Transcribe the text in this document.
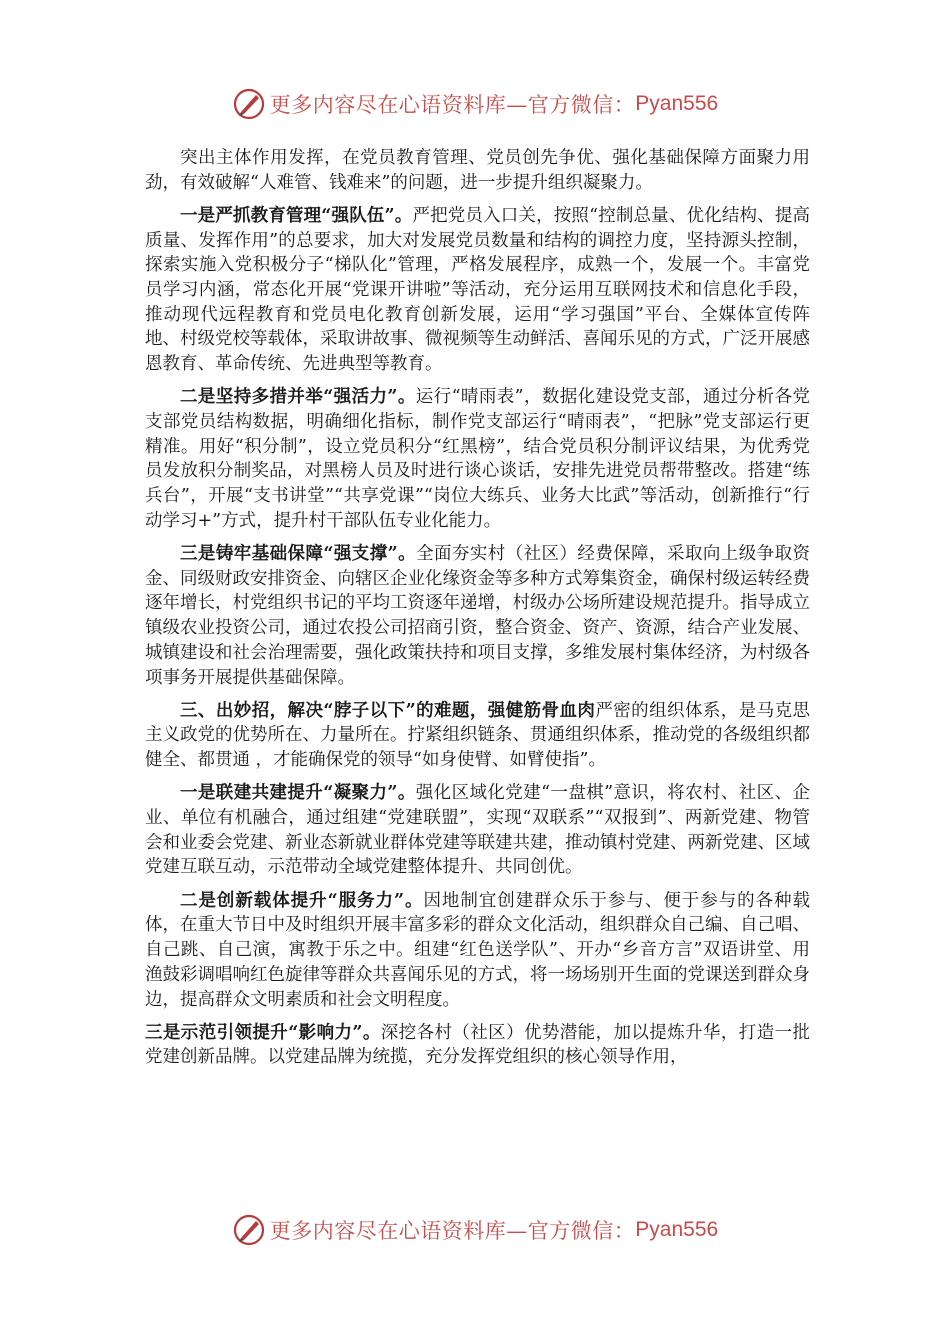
更多内容尽在心语资料库—官方微信： Pyan556

突出主体作用发挥，在党员教育管理、党员创先争优、强化基础保障方面聚力用劲，有效破解“人难管、钱难来”的问题，进一步提升组织凝聚力。

一是严抓教育管理“强队伍”。严把党员入口关，按照“控制总量、优化结构、提高质量、发挥作用”的总要求，加大对发展党员数量和结构的调控力度，坚持源头控制，探索实施入党积极分子“梯队化”管理，严格发展程序，成熟一个，发展一个。丰富党员学习内涵，常态化开展“党课开讲啦”等活动，充分运用互联网技术和信息化手段，推动现代远程教育和党员电化教育创新发展，运用“学习强国”平台、全媒体宣传阵地、村级党校等载体，采取讲故事、微视频等生动鲜活、喜闻乐见的方式，广泛开展感恩教育、革命传统、先进典型等教育。

二是坚持多措并举“强活力”。运行“晴雨表”，数据化建设党支部，通过分析各党支部党员结构数据，明确细化指标，制作党支部运行“晴雨表”，“把脉”党支部运行更精准。用好“积分制”，设立党员积分“红黑榜”，结合党员积分制评议结果，为优秀党员发放积分制奖品，对黑榜人员及时进行谈心谈话，安排先进党员帮带整改。搭建“练兵台”，开展“支书讲堂”“共享党课”“岗位大练兵、业务大比武”等活动，创新推行“行动学习+”方式，提升村干部队伍专业化能力。

三是铸牢基础保障“强支撑”。全面夯实村（社区）经费保障，采取向上级争取资金、同级财政安排资金、向辖区企业化缘资金等多种方式筹集资金，确保村级运转经费逐年增长，村党组织书记的平均工资逐年递增，村级办公场所建设规范提升。指导成立镇级农业投资公司，通过农投公司招商引资，整合资金、资产、资源，结合产业发展、城镇建设和社会治理需要，强化政策扶持和项目支撑，多维发展村集体经济，为村级各项事务开展提供基础保障。

三、出妙招，解决“脖子以下”的难题，强健筋骨血肉严密的组织体系，是马克思主义政党的优势所在、力量所在。拧紧组织链条、贯通组织体系，推动党的各级组织都健全、都贯通 ，才能确保党的领导“如身使臂、如臂使指”。

一是联建共建提升“凝聚力”。强化区域化党建“一盘棋”意识，将农村、社区、企业、单位有机融合，通过组建“党建联盟”，实现“双联系”“双报到”、两新党建、物管会和业委会党建、新业态新就业群体党建等联建共建，推动镇村党建、两新党建、区域党建互联互动，示范带动全域党建整体提升、共同创优。

二是创新载体提升“服务力”。因地制宜创建群众乐于参与、便于参与的各种载体，在重大节日中及时组织开展丰富多彩的群众文化活动，组织群众自己编、自己唱、自己跳、自己演，寓教于乐之中。组建“红色送学队”、开办“乡音方言”双语讲堂、用渔鼓彩调唱响红色旋律等群众共喜闻乐见的方式，将一场场别开生面的党课送到群众身边，提高群众文明素质和社会文明程度。

三是示范引领提升“影响力”。深挖各村（社区）优势潜能，加以提炼升华，打造一批党建创新品牌。以党建品牌为统揽，充分发挥党组织的核心领导作用，

更多内容尽在心语资料库—官方微信： Pyan556
